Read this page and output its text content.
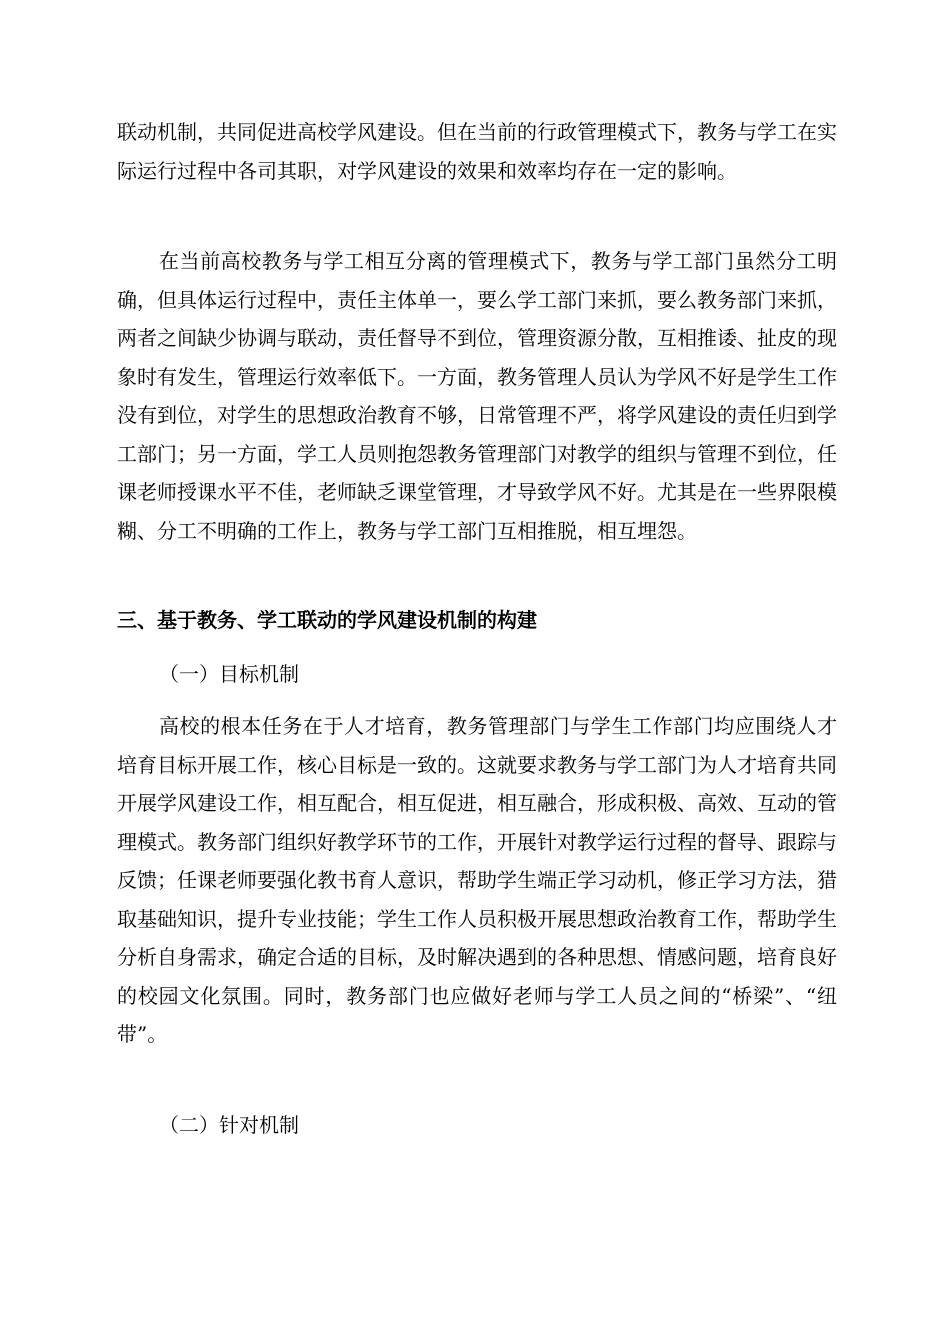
联动机制，共同促进高校学风建设。但在当前的行政管理模式下，教务与学工在实际运行过程中各司其职，对学风建设的效果和效率均存在一定的影响。

在当前高校教务与学工相互分离的管理模式下，教务与学工部门虽然分工明确，但具体运行过程中，责任主体单一，要么学工部门来抓，要么教务部门来抓，两者之间缺少协调与联动，责任督导不到位，管理资源分散，互相推诿、扯皮的现象时有发生，管理运行效率低下。一方面，教务管理人员认为学风不好是学生工作没有到位，对学生的思想政治教育不够，日常管理不严，将学风建设的责任归到学工部门；另一方面，学工人员则抱怨教务管理部门对教学的组织与管理不到位，任课老师授课水平不佳，老师缺乏课堂管理，才导致学风不好。尤其是在一些界限模糊、分工不明确的工作上，教务与学工部门互相推脱，相互埋怨。

三、基于教务、学工联动的学风建设机制的构建

（一）目标机制

高校的根本任务在于人才培育，教务管理部门与学生工作部门均应围绕人才培育目标开展工作，核心目标是一致的。这就要求教务与学工部门为人才培育共同开展学风建设工作，相互配合，相互促进，相互融合，形成积极、高效、互动的管理模式。教务部门组织好教学环节的工作，开展针对教学运行过程的督导、跟踪与反馈；任课老师要强化教书育人意识，帮助学生端正学习动机，修正学习方法，猎取基础知识，提升专业技能；学生工作人员积极开展思想政治教育工作，帮助学生分析自身需求，确定合适的目标，及时解决遇到的各种思想、情感问题，培育良好的校园文化氛围。同时，教务部门也应做好老师与学工人员之间的“桥梁”、“纽带”。

（二）针对机制
